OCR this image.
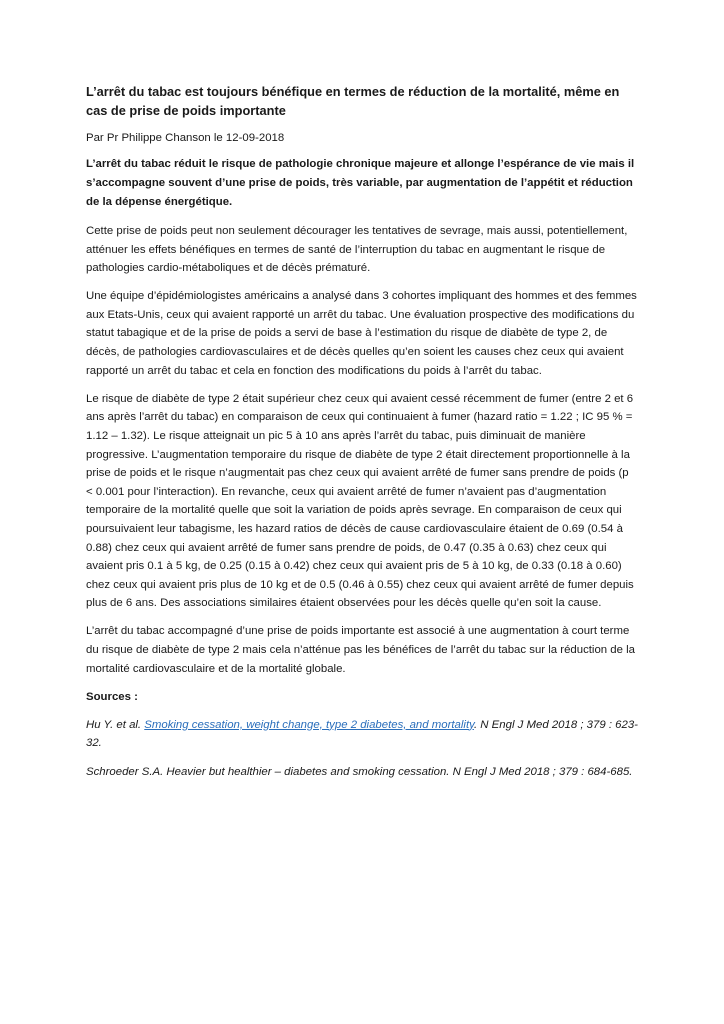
L’arrêt du tabac est toujours bénéfique en termes de réduction de la mortalité, même en cas de prise de poids importante
Par Pr Philippe Chanson le 12-09-2018
L’arrêt du tabac réduit le risque de pathologie chronique majeure et allonge l’espérance de vie mais il s’accompagne souvent d’une prise de poids, très variable, par augmentation de l’appétit et réduction de la dépense énergétique.
Cette prise de poids peut non seulement décourager les tentatives de sevrage, mais aussi, potentiellement, atténuer les effets bénéfiques en termes de santé de l’interruption du tabac en augmentant le risque de pathologies cardio-métaboliques et de décès prématuré.
Une équipe d’épidémiologistes américains a analysé dans 3 cohortes impliquant des hommes et des femmes aux Etats-Unis, ceux qui avaient rapporté un arrêt du tabac. Une évaluation prospective des modifications du statut tabagique et de la prise de poids a servi de base à l’estimation du risque de diabète de type 2, de décès, de pathologies cardiovasculaires et de décès quelles qu’en soient les causes chez ceux qui avaient rapporté un arrêt du tabac et cela en fonction des modifications du poids à l’arrêt du tabac.
Le risque de diabète de type 2 était supérieur chez ceux qui avaient cessé récemment de fumer (entre 2 et 6 ans après l’arrêt du tabac) en comparaison de ceux qui continuaient à fumer (hazard ratio = 1.22 ; IC 95 % = 1.12 – 1.32). Le risque atteignait un pic 5 à 10 ans après l’arrêt du tabac, puis diminuait de manière progressive. L’augmentation temporaire du risque de diabète de type 2 était directement proportionnelle à la prise de poids et le risque n’augmentait pas chez ceux qui avaient arrêté de fumer sans prendre de poids (p < 0.001 pour l’interaction). En revanche, ceux qui avaient arrêté de fumer n’avaient pas d’augmentation temporaire de la mortalité quelle que soit la variation de poids après sevrage. En comparaison de ceux qui poursuivaient leur tabagisme, les hazard ratios de décès de cause cardiovasculaire étaient de 0.69 (0.54 à 0.88) chez ceux qui avaient arrêté de fumer sans prendre de poids, de 0.47 (0.35 à 0.63) chez ceux qui avaient pris 0.1 à 5 kg, de 0.25 (0.15 à 0.42) chez ceux qui avaient pris de 5 à 10 kg, de 0.33 (0.18 à 0.60) chez ceux qui avaient pris plus de 10 kg et de 0.5 (0.46 à 0.55) chez ceux qui avaient arrêté de fumer depuis plus de 6 ans. Des associations similaires étaient observées pour les décès quelle qu’en soit la cause.
L’arrêt du tabac accompagné d’une prise de poids importante est associé à une augmentation à court terme du risque de diabète de type 2 mais cela n’atténue pas les bénéfices de l’arrêt du tabac sur la réduction de la mortalité cardiovasculaire et de la mortalité globale.
Sources :
Hu Y. et al. Smoking cessation, weight change, type 2 diabetes, and mortality. N Engl J Med 2018 ; 379 : 623-32.
Schroeder S.A. Heavier but healthier – diabetes and smoking cessation. N Engl J Med 2018 ; 379 : 684-685.
